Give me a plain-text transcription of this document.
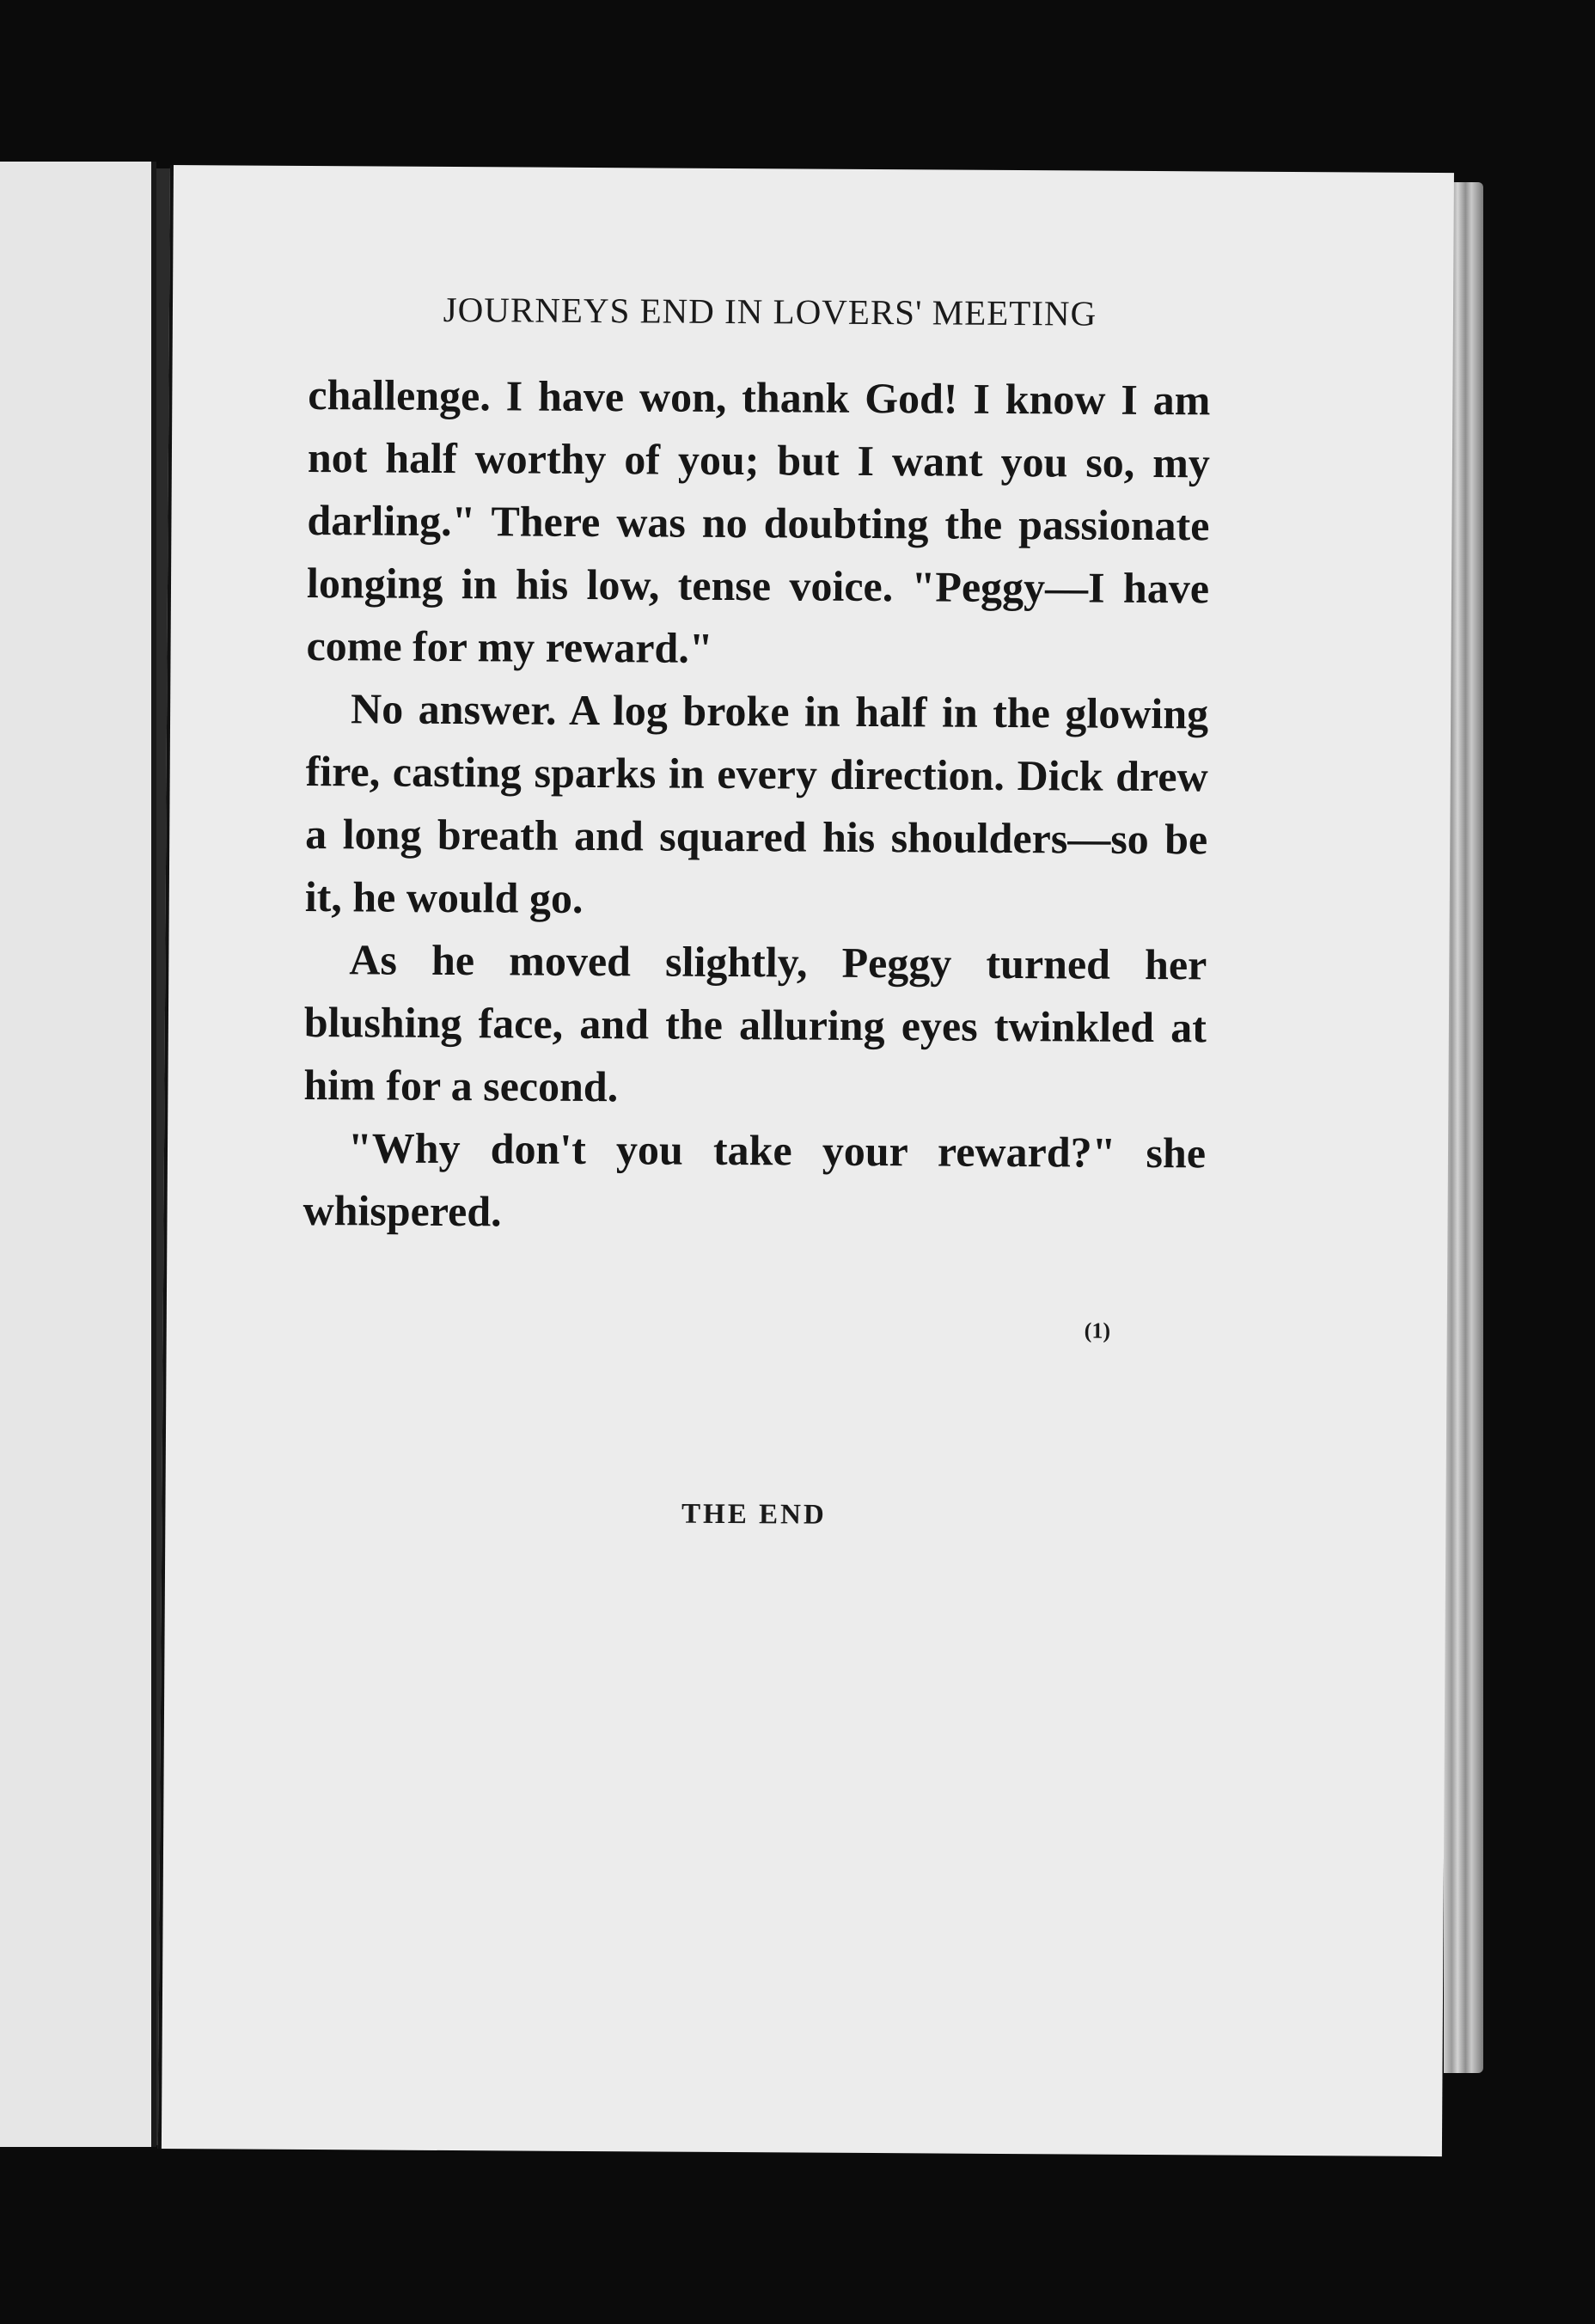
JOURNEYS END IN LOVERS' MEETING

challenge. I have won, thank God! I know I am not half worthy of you; but I want you so, my darling." There was no doubting the passionate longing in his low, tense voice. "Peggy—I have come for my reward."

No answer. A log broke in half in the glowing fire, casting sparks in every direction. Dick drew a long breath and squared his shoulders—so be it, he would go.

As he moved slightly, Peggy turned her blushing face, and the alluring eyes twinkled at him for a second.

"Why don't you take your reward?" she whispered.

(1)
THE END
